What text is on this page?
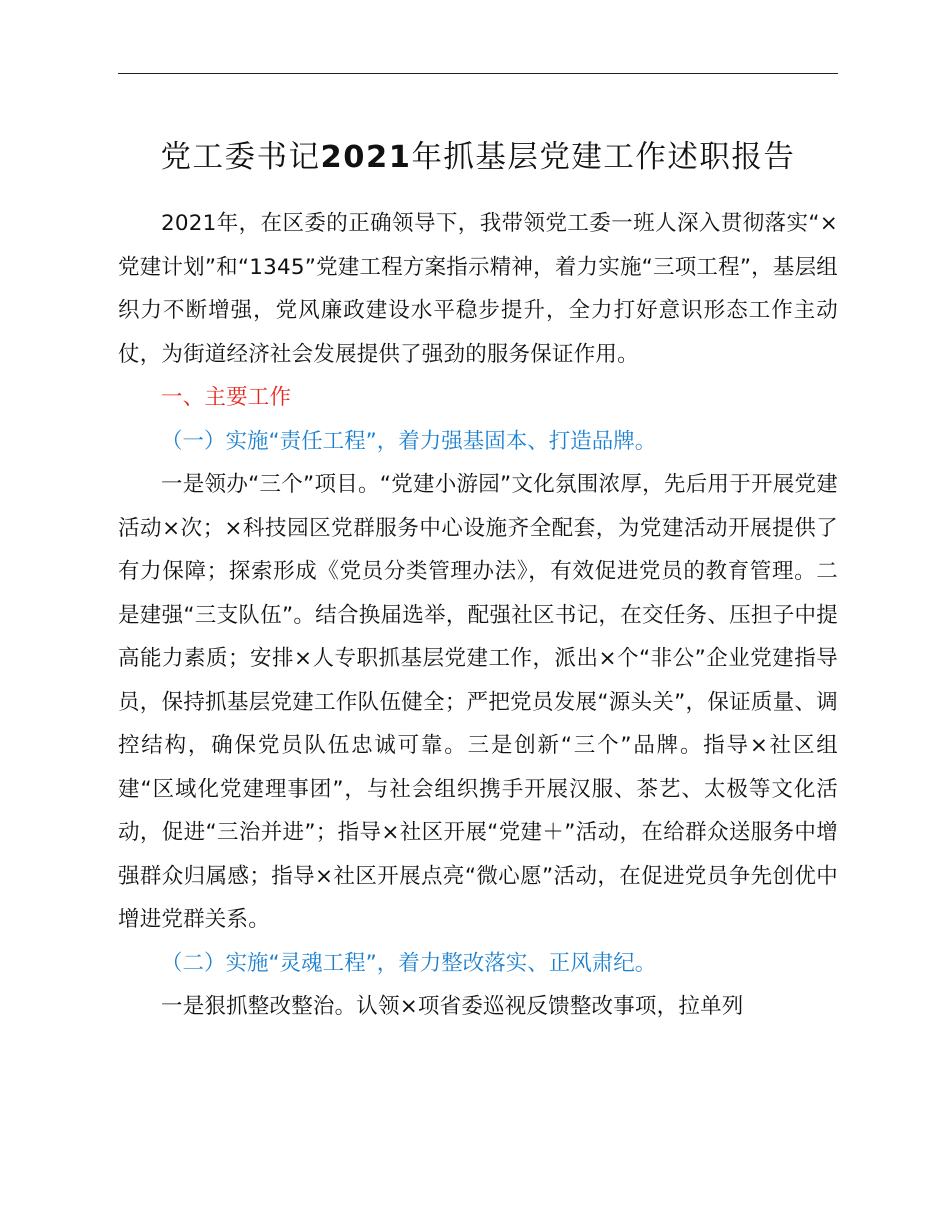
党工委书记2021年抓基层党建工作述职报告

2021年，在区委的正确领导下，我带领党工委一班人深入贯彻落实“×党建计划”和“1345”党建工程方案指示精神，着力实施“三项工程”，基层组织力不断增强，党风廉政建设水平稳步提升，全力打好意识形态工作主动仗，为街道经济社会发展提供了强劲的服务保证作用。

一、主要工作

（一）实施“责任工程”，着力强基固本、打造品牌。

一是领办“三个”项目。“党建小游园”文化氛围浓厚，先后用于开展党建活动×次；×科技园区党群服务中心设施齐全配套，为党建活动开展提供了有力保障；探索形成《党员分类管理办法》，有效促进党员的教育管理。二是建强“三支队伍”。结合换届选举，配强社区书记，在交任务、压担子中提高能力素质；安排×人专职抓基层党建工作，派出×个“非公”企业党建指导员，保持抓基层党建工作队伍健全；严把党员发展“源头关”，保证质量、调控结构，确保党员队伍忠诚可靠。三是创新“三个”品牌。指导×社区组建“区域化党建理事团”，与社会组织携手开展汉服、茶艺、太极等文化活动，促进“三治并进”；指导×社区开展“党建＋”活动，在给群众送服务中增强群众归属感；指导×社区开展点亮“微心愿”活动，在促进党员争先创优中增进党群关系。

（二）实施“灵魂工程”，着力整改落实、正风肃纪。

一是狠抓整改整治。认领×项省委巡视反馈整改事项，拉单列
